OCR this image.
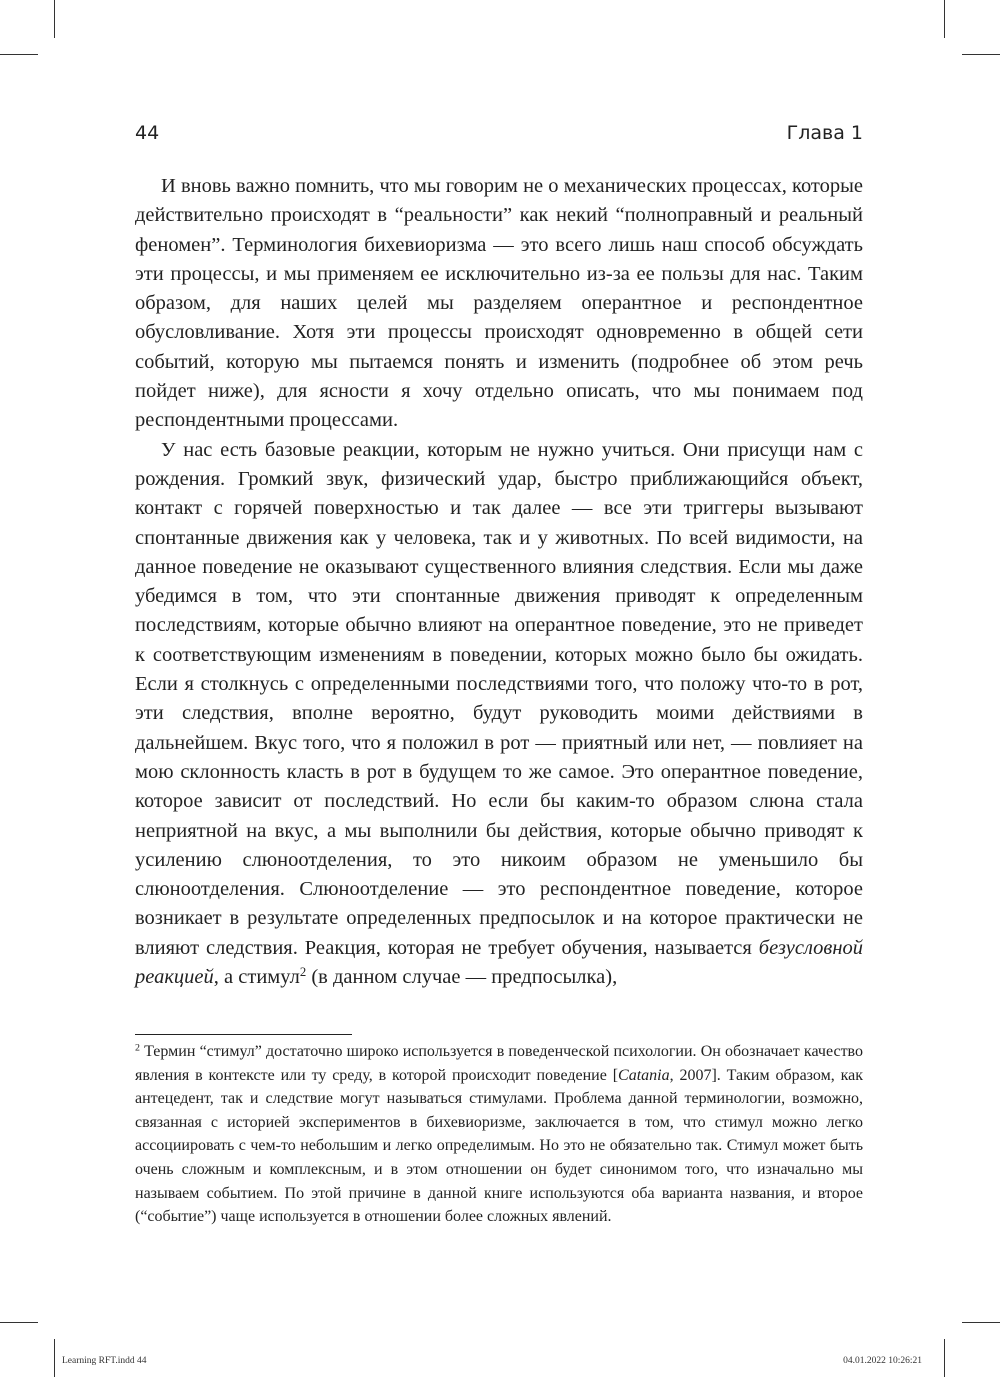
44	Глава 1

И вновь важно помнить, что мы говорим не о механических процессах, которые действительно происходят в “реальности” как некий “полноправный и реальный феномен”. Терминология бихевиоризма — это всего лишь наш способ обсуждать эти процессы, и мы применяем ее исключительно из-за ее пользы для нас. Таким образом, для наших целей мы разделяем оперантное и респондентное обусловливание. Хотя эти процессы происходят одновременно в общей сети событий, которую мы пытаемся понять и изменить (подробнее об этом речь пойдет ниже), для ясности я хочу отдельно описать, что мы понимаем под респондентными процессами.

У нас есть базовые реакции, которым не нужно учиться. Они присущи нам с рождения. Громкий звук, физический удар, быстро приближающийся объект, контакт с горячей поверхностью и так далее — все эти триггеры вызывают спонтанные движения как у человека, так и у животных. По всей видимости, на данное поведение не оказывают существенного влияния следствия. Если мы даже убедимся в том, что эти спонтанные движения приводят к определенным последствиям, которые обычно влияют на оперантное поведение, это не приведет к соответствующим изменениям в поведении, которых можно было бы ожидать. Если я столкнусь с определенными последствиями того, что положу что-то в рот, эти следствия, вполне вероятно, будут руководить моими действиями в дальнейшем. Вкус того, что я положил в рот — приятный или нет, — повлияет на мою склонность класть в рот в будущем то же самое. Это оперантное поведение, которое зависит от последствий. Но если бы каким-то образом слюна стала неприятной на вкус, а мы выполнили бы действия, которые обычно приводят к усилению слюноотделения, то это никоим образом не уменьшило бы слюноотделения. Слюноотделение — это респондентное поведение, которое возникает в результате определенных предпосылок и на которое практически не влияют следствия. Реакция, которая не требует обучения, называется безусловной реакцией, а стимул$^2$ (в данном случае — предпосылка),

$^2$ Термин “стимул” достаточно широко используется в поведенческой психологии. Он обозначает качество явления в контексте или ту среду, в которой происходит поведение [Catania, 2007]. Таким образом, как антецедент, так и следствие могут называться стимулами. Проблема данной терминологии, возможно, связанная с историей экспериментов в бихевиоризме, заключается в том, что стимул можно легко ассоциировать с чем-то небольшим и легко определимым. Но это не обязательно так. Стимул может быть очень сложным и комплексным, и в этом отношении он будет синонимом того, что изначально мы называем событием. По этой причине в данной книге используются оба варианта названия, и второе (“событие”) чаще используется в отношении более сложных явлений.

Learning RFT.indd 44	04.01.2022 10:26:21
